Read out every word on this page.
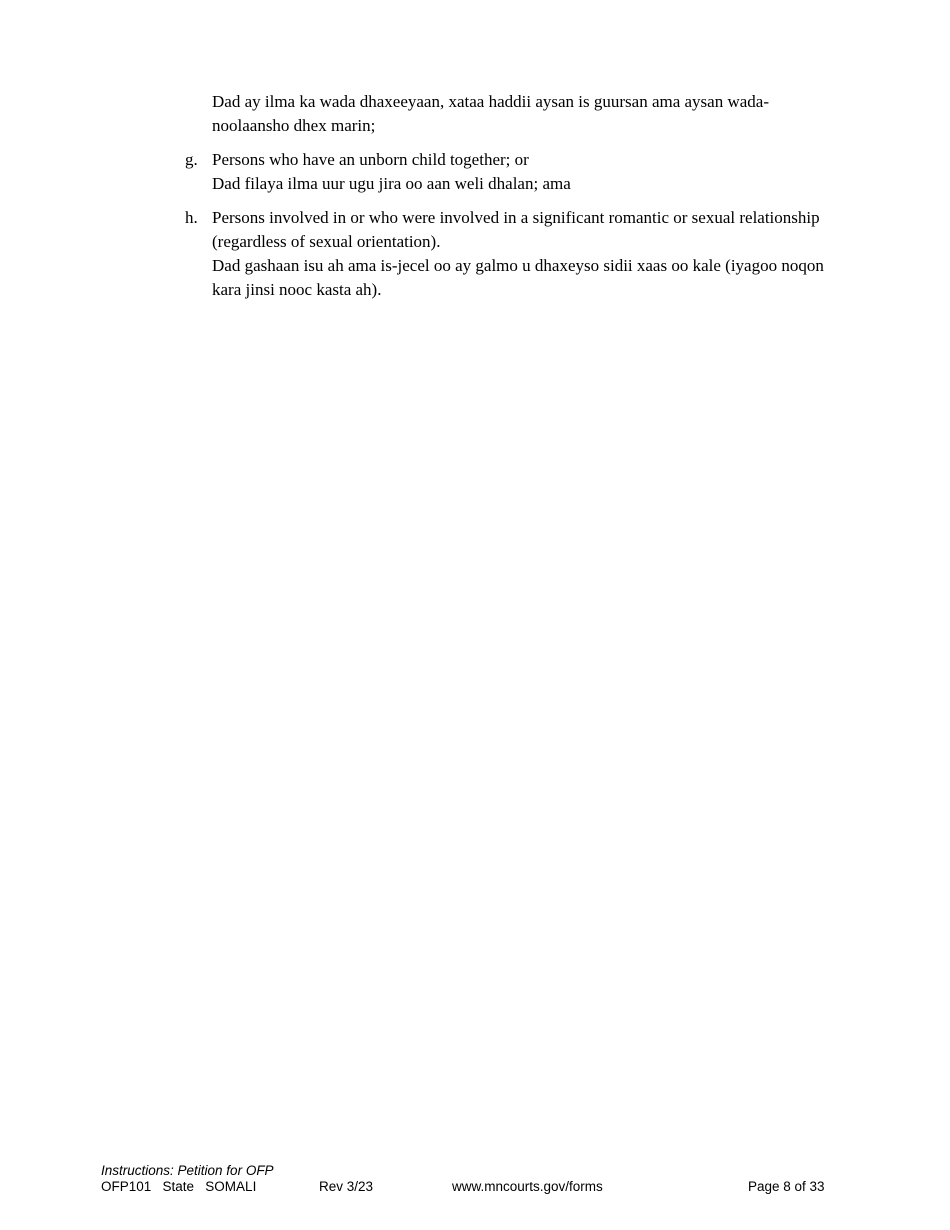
Dad ay ilma ka wada dhaxeeyaan, xataa haddii aysan is guursan ama aysan wada-noolaansho dhex marin;
g. Persons who have an unborn child together; or

Dad filaya ilma uur ugu jira oo aan weli dhalan; ama

h. Persons involved in or who were involved in a significant romantic or sexual relationship (regardless of sexual orientation).

Dad gashaan isu ah ama is-jecel oo ay galmo u dhaxeyso sidii xaas oo kale (iyagoo noqon kara jinsi nooc kasta ah).

Instructions: Petition for OFP
OFP101   State   SOMALI	Rev 3/23	www.mncourts.gov/forms	Page 8 of 33
